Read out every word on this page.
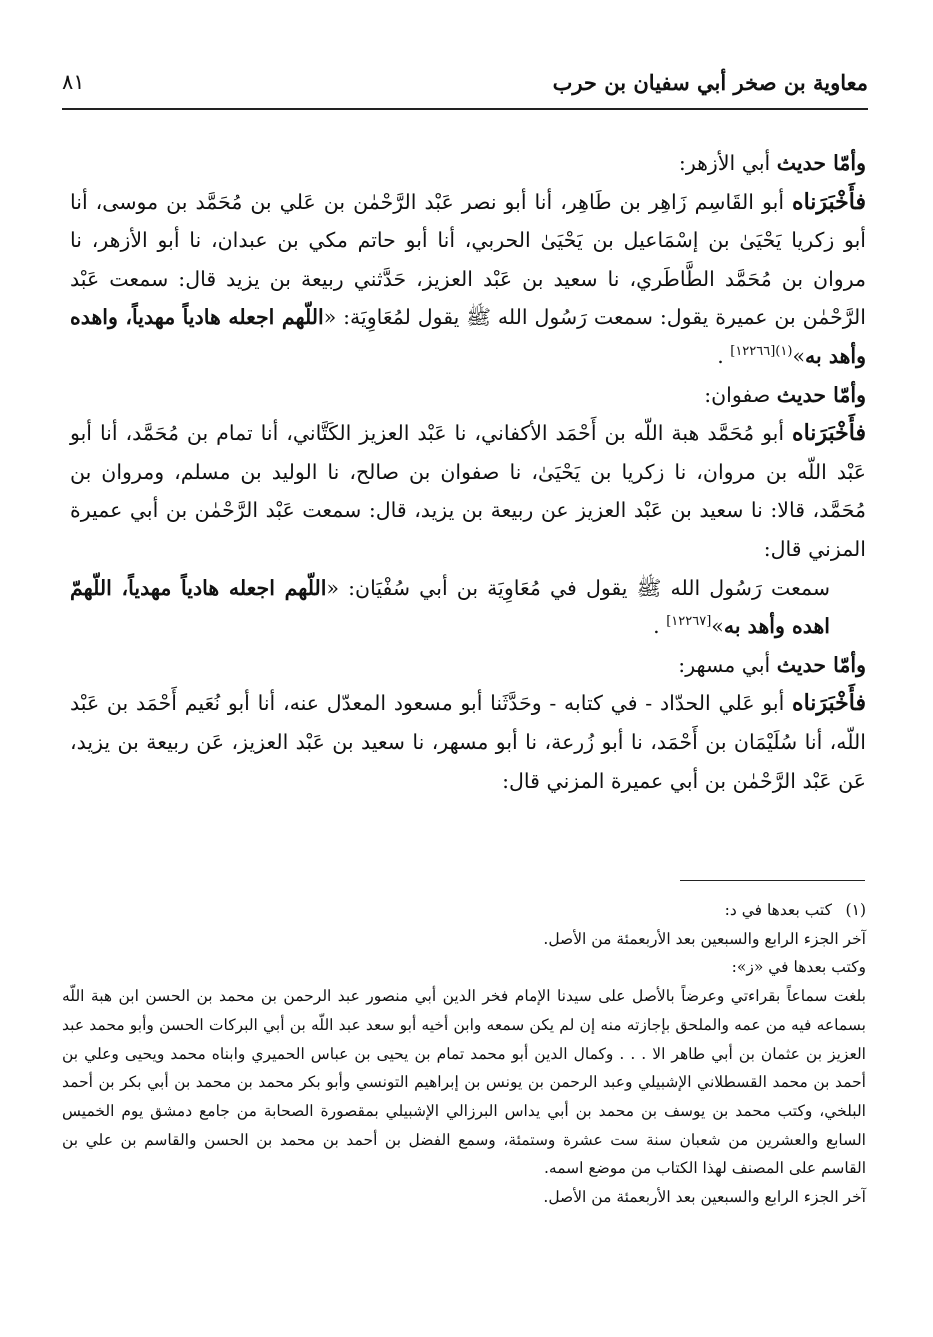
٨١	معاوية بن صخر أبي سفيان بن حرب

وأمّا حديث أبي الأزهر:

فأَخْبَرَناه أبو القَاسِم زَاهِر بن طَاهِر، أنا أبو نصر عَبْد الرَّحْمٰن بن عَلي بن مُحَمَّد بن موسى، أنا أبو زكريا يَحْيَىٰ بن إسْمَاعيل بن يَحْيَىٰ الحربي، أنا أبو حاتم مكي بن عبدان، نا أبو الأزهر، نا مروان بن مُحَمَّد الطَّاطَري، نا سعيد بن عَبْد العزيز، حَدَّثني ربيعة بن يزيد قال: سمعت عَبْد الرَّحْمٰن بن عميرة يقول: سمعت رَسُول الله ﷺ يقول لمُعَاوِيَة: «اللّهم اجعله هادياً مهدياً، واهده وأهد به»$^{(١)[١٢٢٦٦]}$ .

وأمّا حديث صفوان:

فأَخْبَرَناه أبو مُحَمَّد هبة اللّه بن أَحْمَد الأكفاني، نا عَبْد العزيز الكَتَّاني، أنا تمام بن مُحَمَّد، أنا أبو عَبْد اللّه بن مروان، نا زكريا بن يَحْيَىٰ، نا صفوان بن صالح، نا الوليد بن مسلم، ومروان بن مُحَمَّد، قالا: نا سعيد بن عَبْد العزيز عن ربيعة بن يزيد، قال: سمعت عَبْد الرَّحْمٰن بن أبي عميرة المزني قال:

سمعت رَسُول الله ﷺ يقول في مُعَاوِيَة بن أبي سُفْيَان: «اللّهم اجعله هادياً مهدياً، اللّهمّ اهده وأهد به»[١٢٢٦٧] .

وأمّا حديث أبي مسهر:

فأَخْبَرَناه أبو عَلي الحدّاد - في كتابه - وحَدَّثَنا أبو مسعود المعدّل عنه، أنا أبو نُعَيم أَحْمَد بن عَبْد اللّه، أنا سُلَيْمَان بن أَحْمَد، نا أبو زُرعة، نا أبو مسهر، نا سعيد بن عَبْد العزيز، عَن ربيعة بن يزيد، عَن عَبْد الرَّحْمٰن بن أبي عميرة المزني قال:

(١)كتب بعدها في د:

آخر الجزء الرابع والسبعين بعد الأربعمئة من الأصل.

وكتب بعدها في «ز»:

بلغت سماعاً بقراءتي وعرضاً بالأصل على سيدنا الإمام فخر الدين أبي منصور عبد الرحمن بن محمد بن الحسن ابن هبة اللّه بسماعه فيه من عمه والملحق بإجازته منه إن لم يكن سمعه وابن أخيه أبو سعد عبد اللّه بن أبي البركات الحسن وأبو محمد عبد العزيز بن عثمان بن أبي طاهر الا . . . وكمال الدين أبو محمد تمام بن يحيى بن عباس الحميري وابناه محمد ويحيى وعلي بن أحمد بن محمد القسطلاني الإشبيلي وعبد الرحمن بن يونس بن إبراهيم التونسي وأبو بكر محمد بن محمد بن أبي بكر بن أحمد البلخي، وكتب محمد بن يوسف بن محمد بن أبي يداس البرزالي الإشبيلي بمقصورة الصحابة من جامع دمشق يوم الخميس السابع والعشرين من شعبان سنة ست عشرة وستمئة، وسمع الفضل بن أحمد بن محمد بن الحسن والقاسم بن علي بن القاسم على المصنف لهذا الكتاب من موضع اسمه.

آخر الجزء الرابع والسبعين بعد الأربعمئة من الأصل.
